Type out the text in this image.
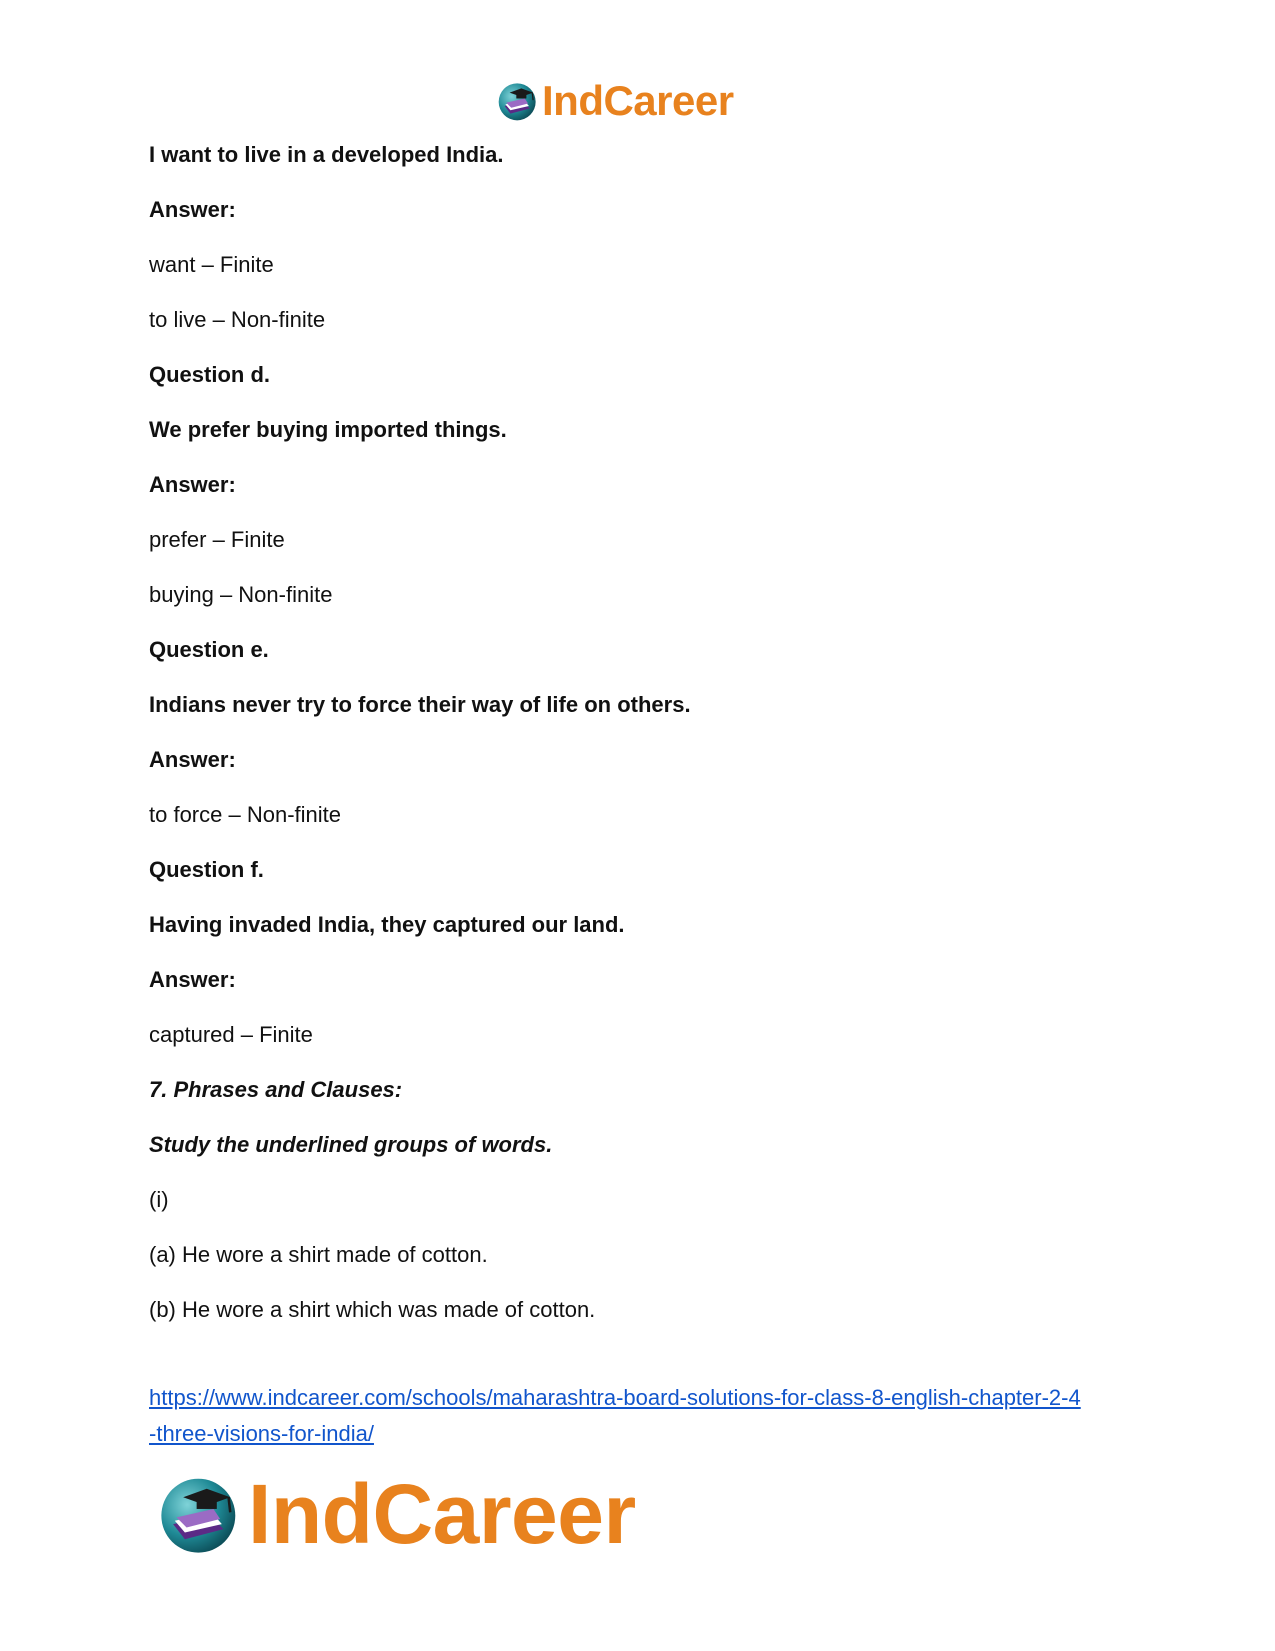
IndCareer
I want to live in a developed India.
Answer:
want – Finite
to live – Non-finite
Question d.
We prefer buying imported things.
Answer:
prefer – Finite
buying – Non-finite
Question e.
Indians never try to force their way of life on others.
Answer:
to force – Non-finite
Question f.
Having invaded India, they captured our land.
Answer:
captured – Finite
7. Phrases and Clauses:
Study the underlined groups of words.
(i)
(a) He wore a shirt made of cotton.
(b) He wore a shirt which was made of cotton.
https://www.indcareer.com/schools/maharashtra-board-solutions-for-class-8-english-chapter-2-4
-three-visions-for-india/
IndCareer
